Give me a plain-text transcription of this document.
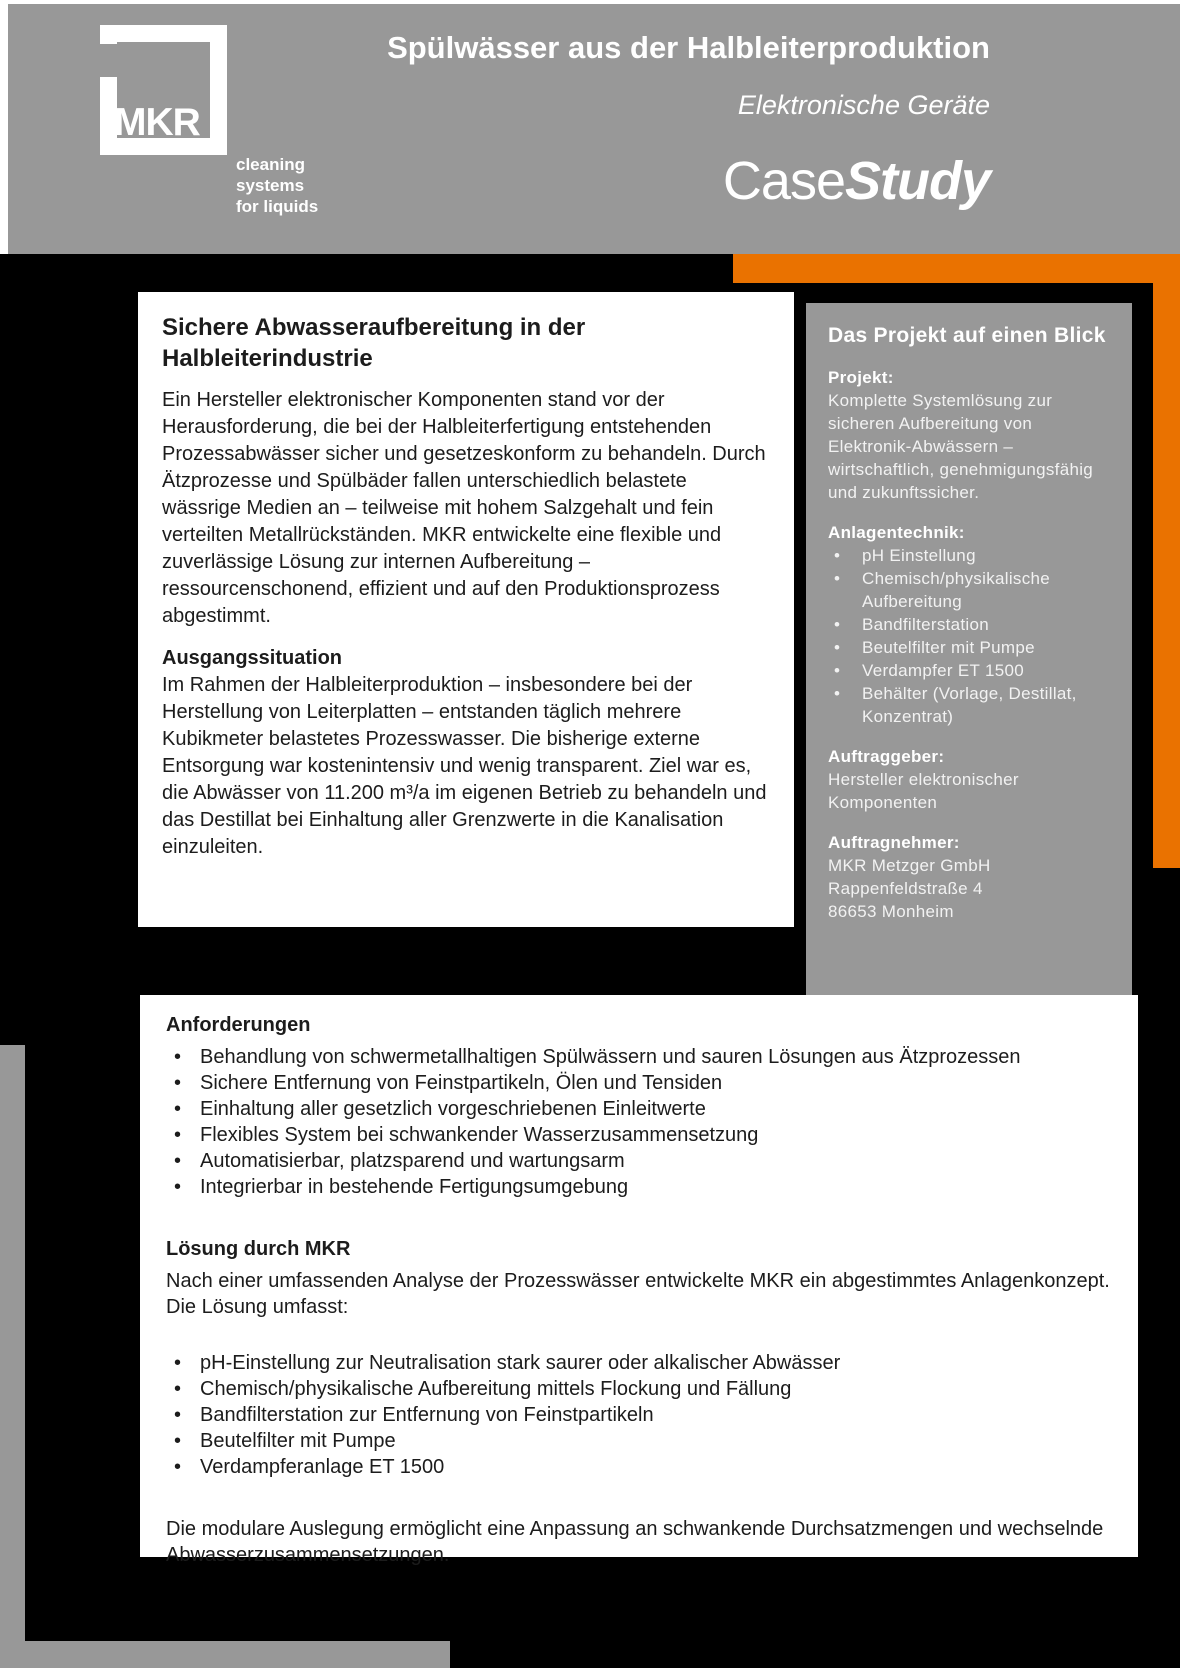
MKR
cleaning
systems
for liquids
Spülwässer aus der Halbleiterproduktion
Elektronische Geräte
CaseStudy
Sichere Abwasseraufbereitung in der Halbleiterindustrie

Ein Hersteller elektronischer Komponenten stand vor der Herausforderung, die bei der Halbleiterfertigung entstehenden Prozessabwässer sicher und gesetzeskonform zu behandeln. Durch Ätzprozesse und Spülbäder fallen unterschiedlich belastete wässrige Medien an – teilweise mit hohem Salzgehalt und fein verteilten Metallrückständen. MKR entwickelte eine flexible und zuverlässige Lösung zur internen Aufbereitung – ressourcenschonend, effizient und auf den Produktionsprozess abgestimmt.

Ausgangssituation

Im Rahmen der Halbleiterproduktion – insbesondere bei der Herstellung von Leiterplatten – entstanden täglich mehrere Kubikmeter belastetes Prozesswasser. Die bisherige externe Entsorgung war kostenintensiv und wenig transparent. Ziel war es, die Abwässer von 11.200 m³/a im eigenen Betrieb zu behandeln und das Destillat bei Einhaltung aller Grenzwerte in die Kanalisation einzuleiten.

Das Projekt auf einen Blick
Projekt:
Komplette Systemlösung zur sicheren Aufbereitung von Elektronik-Abwässern – wirtschaftlich, genehmigungsfähig und zukunftssicher.
Anlagentechnik:
•	pH Einstellung
•	Chemisch/physikalische Aufbereitung
•	Bandfilterstation
•	Beutelfilter mit Pumpe
•	Verdampfer ET 1500
•	Behälter (Vorlage, Destillat, Konzentrat)
Auftraggeber:
Hersteller elektronischer Komponenten
Auftragnehmer:
MKR Metzger GmbH
Rappenfeldstraße 4
86653 Monheim
Anforderungen
• Behandlung von schwermetallhaltigen Spülwässern und sauren Lösungen aus Ätzprozessen
• Sichere Entfernung von Feinstpartikeln, Ölen und Tensiden
• Einhaltung aller gesetzlich vorgeschriebenen Einleitwerte
• Flexibles System bei schwankender Wasserzusammensetzung
• Automatisierbar, platzsparend und wartungsarm
• Integrierbar in bestehende Fertigungsumgebung
Lösung durch MKR

Nach einer umfassenden Analyse der Prozesswässer entwickelte MKR ein abgestimmtes Anlagenkonzept. Die Lösung umfasst:

• pH-Einstellung zur Neutralisation stark saurer oder alkalischer Abwässer
• Chemisch/physikalische Aufbereitung mittels Flockung und Fällung
• Bandfilterstation zur Entfernung von Feinstpartikeln
• Beutelfilter mit Pumpe
• Verdampferanlage ET 1500

Die modulare Auslegung ermöglicht eine Anpassung an schwankende Durchsatzmengen und wechselnde Abwasserzusammensetzungen.
